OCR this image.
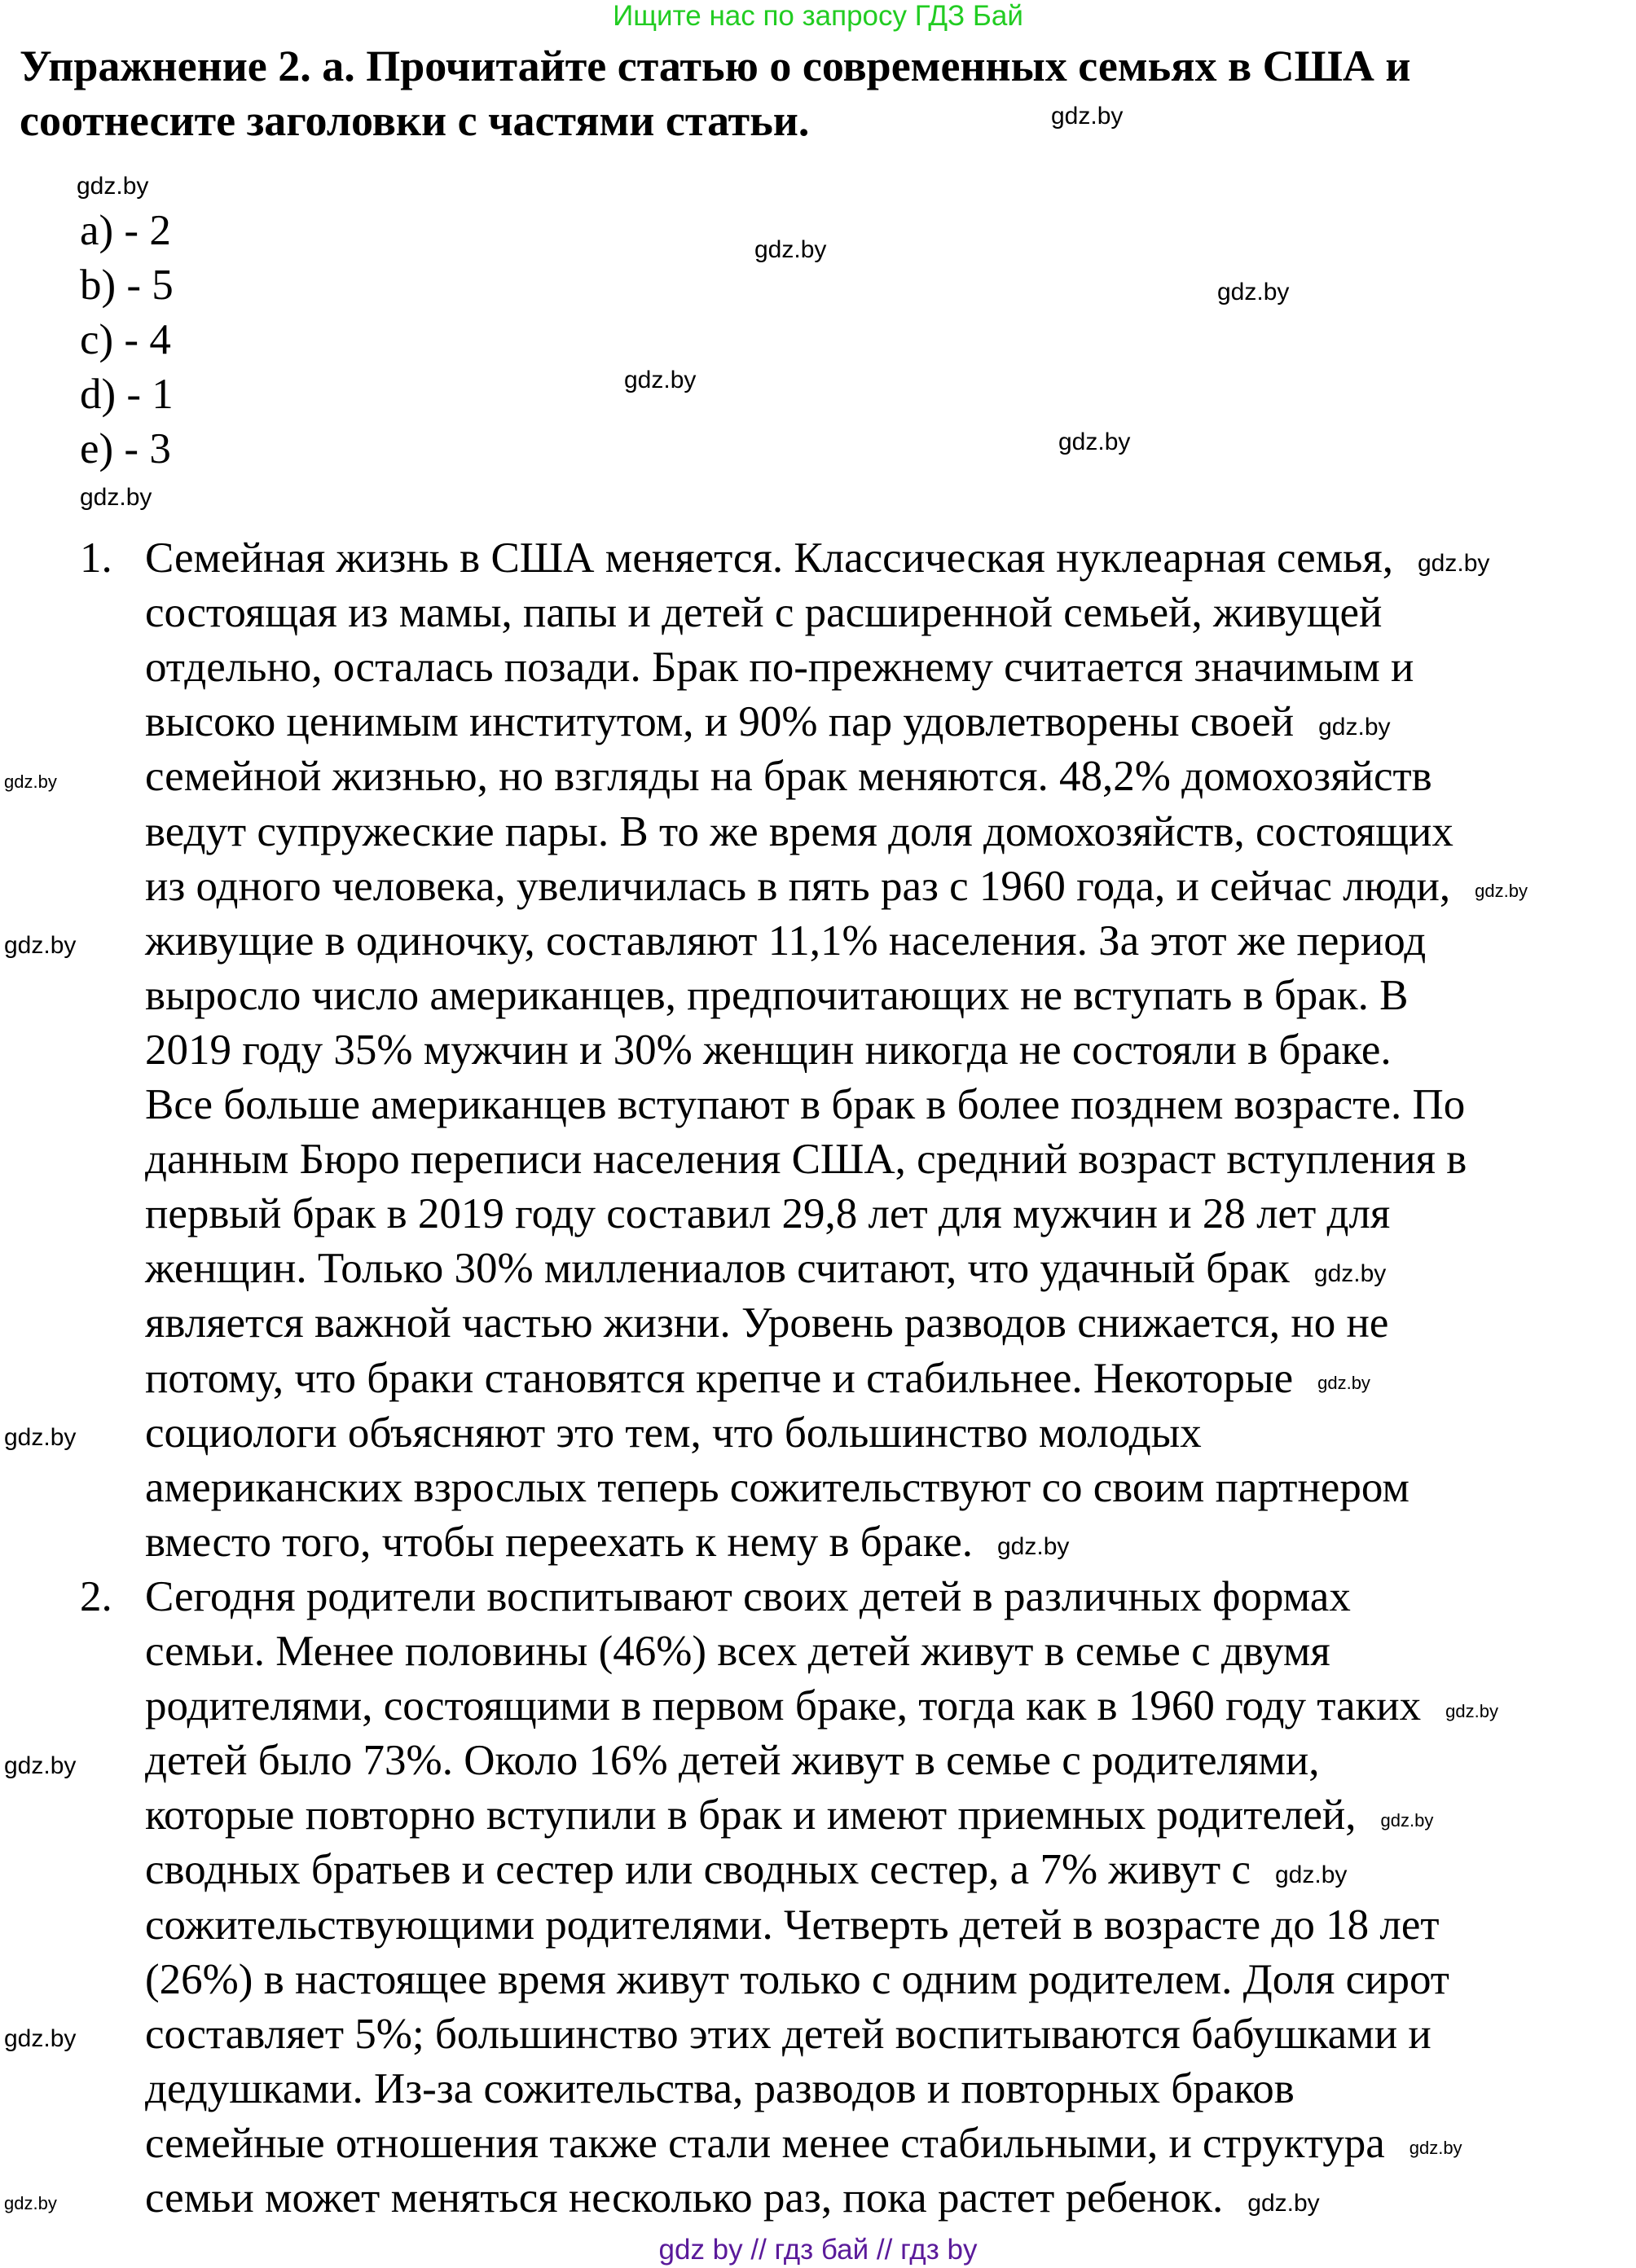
Ищите нас по запросу ГДЗ Бай
Упражнение 2. a. Прочитайте статью о современных семьях в США и
соотнесите заголовки с частями статьи.
a) - 2
b) - 5
c) - 4
d) - 1
e) - 3
1. Семейная жизнь в США меняется. Классическая нуклеарная семья,
состоящая из мамы, папы и детей с расширенной семьей, живущей
отдельно, осталась позади. Брак по-прежнему считается значимым и
высоко ценимым институтом, и 90% пар удовлетворены своей
семейной жизнью, но взгляды на брак меняются. 48,2% домохозяйств
ведут супружеские пары. В то же время доля домохозяйств, состоящих
из одного человека, увеличилась в пять раз с 1960 года, и сейчас люди,
живущие в одиночку, составляют 11,1% населения. За этот же период
выросло число американцев, предпочитающих не вступать в брак. В
2019 году 35% мужчин и 30% женщин никогда не состояли в браке.
Все больше американцев вступают в брак в более позднем возрасте. По
данным Бюро переписи населения США, средний возраст вступления в
первый брак в 2019 году составил 29,8 лет для мужчин и 28 лет для
женщин. Только 30% миллениалов считают, что удачный брак
является важной частью жизни. Уровень разводов снижается, но не
потому, что браки становятся крепче и стабильнее. Некоторые
социологи объясняют это тем, что большинство молодых
американских взрослых теперь сожительствуют со своим партнером
вместо того, чтобы переехать к нему в браке.
2. Сегодня родители воспитывают своих детей в различных формах
семьи. Менее половины (46%) всех детей живут в семье с двумя
родителями, состоящими в первом браке, тогда как в 1960 году таких
детей было 73%. Около 16% детей живут в семье с родителями,
которые повторно вступили в брак и имеют приемных родителей,
сводных братьев и сестер или сводных сестер, а 7% живут с
сожительствующими родителями. Четверть детей в возрасте до 18 лет
(26%) в настоящее время живут только с одним родителем. Доля сирот
составляет 5%; большинство этих детей воспитываются бабушками и
дедушками. Из-за сожительства, разводов и повторных браков
семейные отношения также стали менее стабильными, и структура
семьи может меняться несколько раз, пока растет ребенок.
gdz.by
gdz.by
gdz.by
gdz.by
gdz.by
gdz.by
gdz.by
gdz.by
gdz.by
gdz.by
gdz.by
gdz.by
gdz.by
gdz.by
gdz.by
gdz.by
gdz.by
gdz.by
gdz.by
gdz.by
gdz.by
gdz.by
gdz.by	gdz.by
gdz by // гдз бай // гдз by
